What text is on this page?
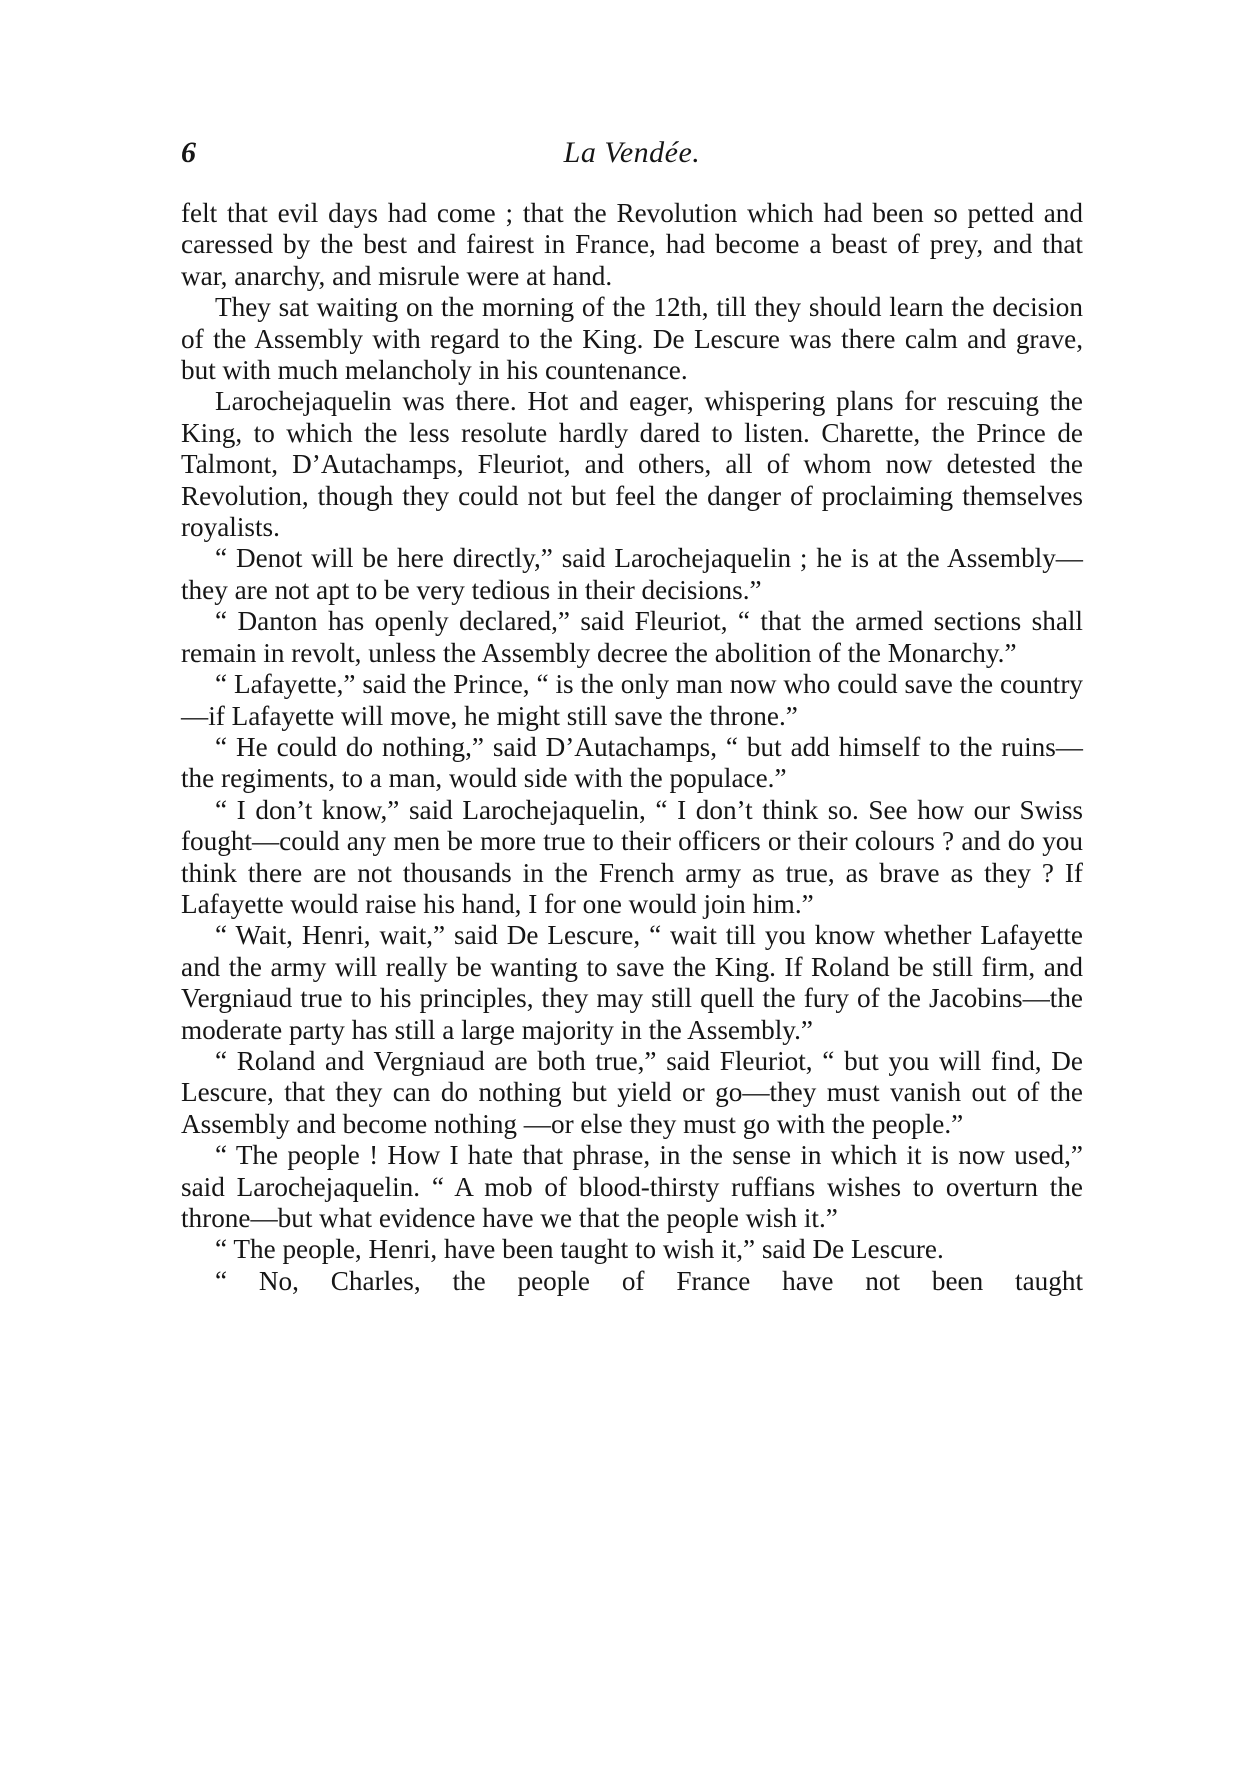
6	La Vendée.

felt that evil days had come ; that the Revolution which had been so petted and caressed by the best and fairest in France, had become a beast of prey, and that war, anarchy, and misrule were at hand.

They sat waiting on the morning of the 12th, till they should learn the decision of the Assembly with regard to the King. De Lescure was there calm and grave, but with much melancholy in his countenance.

Larochejaquelin was there. Hot and eager, whispering plans for rescuing the King, to which the less resolute hardly dared to listen. Charette, the Prince de Talmont, D’Autachamps, Fleuriot, and others, all of whom now detested the Revolution, though they could not but feel the danger of proclaiming themselves royalists.

“ Denot will be here directly,” said Larochejaquelin ; he is at the Assembly—they are not apt to be very tedious in their decisions.”

“ Danton has openly declared,” said Fleuriot, “ that the armed sections shall remain in revolt, unless the Assembly decree the abolition of the Monarchy.”

“ Lafayette,” said the Prince, “ is the only man now who could save the country—if Lafayette will move, he might still save the throne.”

“ He could do nothing,” said D’Autachamps, “ but add himself to the ruins—the regiments, to a man, would side with the populace.”

“ I don’t know,” said Larochejaquelin, “ I don’t think so. See how our Swiss fought—could any men be more true to their officers or their colours ? and do you think there are not thousands in the French army as true, as brave as they ? If Lafayette would raise his hand, I for one would join him.”

“ Wait, Henri, wait,” said De Lescure, “ wait till you know whether Lafayette and the army will really be wanting to save the King. If Roland be still firm, and Vergniaud true to his principles, they may still quell the fury of the Jacobins—the moderate party has still a large majority in the Assembly.”

“ Roland and Vergniaud are both true,” said Fleuriot, “ but you will find, De Lescure, that they can do nothing but yield or go—they must vanish out of the Assembly and become nothing —or else they must go with the people.”

“ The people ! How I hate that phrase, in the sense in which it is now used,” said Larochejaquelin. “ A mob of blood-thirsty ruffians wishes to overturn the throne—but what evidence have we that the people wish it.”

“ The people, Henri, have been taught to wish it,” said De Lescure.

“ No, Charles, the people of France have not been taught
